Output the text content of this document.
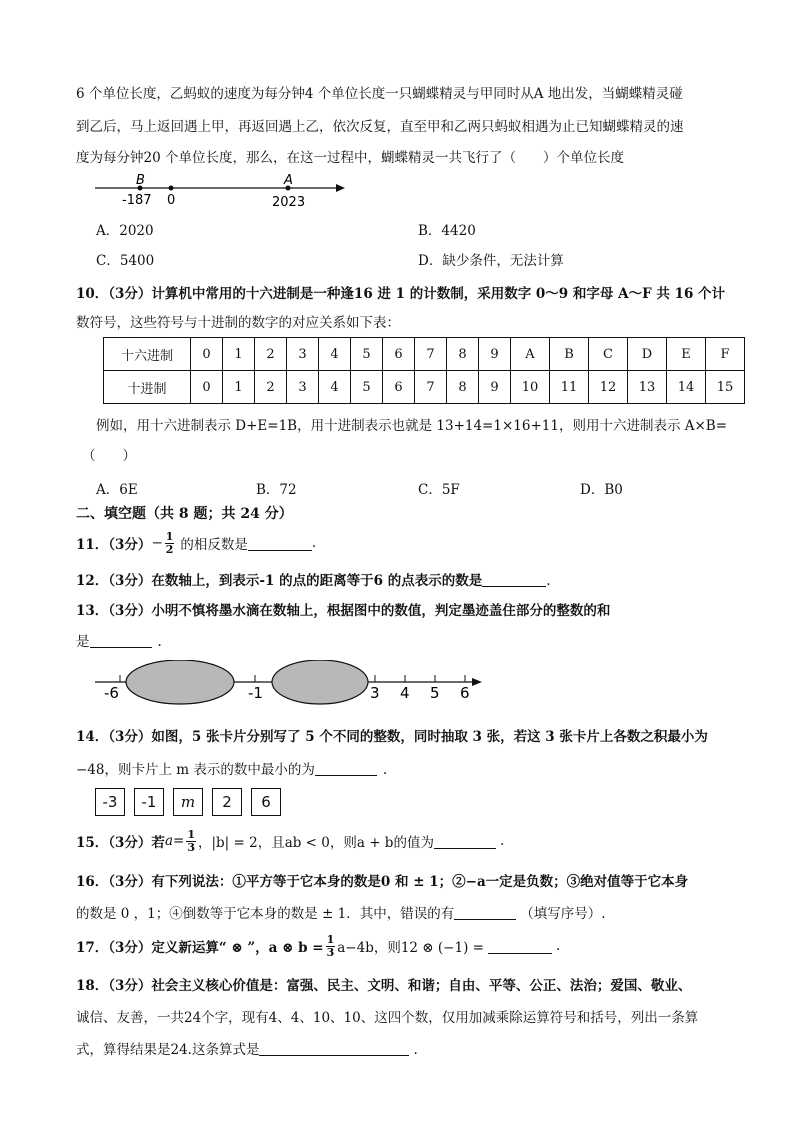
6 个单位长度，乙蚂蚁的速度为每分钟4 个单位长度一只蝴蝶精灵与甲同时从A 地出发，当蝴蝶精灵碰
到乙后，马上返回遇上甲，再返回遇上乙，依次反复，直至甲和乙两只蚂蚁相遇为止已知蝴蝶精灵的速
度为每分钟20 个单位长度，那么，在这一过程中，蝴蝶精灵一共飞行了（　　）个单位长度
B	A
-187 0	2023
A．2020	B．4420
C．5400	D．缺少条件，无法计算
10．（3分）计算机中常用的十六进制是一种逢16 进 1 的计数制，采用数字 0～9 和字母 A～F 共 16 个计
数符号，这些符号与十进制的数字的对应关系如下表：
十六进制	0	1	2	3	4	5	6	7	8	9	A	B	C	D	E	F
十进制	0	1	2	3	4	5	6	7	8	9	10	11	12	13	14	15
例如，用十六进制表示 D+E=1B，用十进制表示也就是 13+14=1×16+11，则用十六进制表示 A×B=
（　　）
A．6E	B．72	C．5F	D．B0
二、填空题（共 8 题；共 24 分）
11．（3分） − $\frac{1}{2}$ 的相反数是	.
12．（3分）在数轴上，到表示-1 的点的距离等于6 的点表示的数是	.
13．（3分）小明不慎将墨水滴在数轴上，根据图中的数值，判定墨迹盖住部分的整数的和
是	.
-6	-1	3 4 5 6
14．（3分）如图，5 张卡片分别写了 5 个不同的整数，同时抽取 3 张，若这 3 张卡片上各数之积最小为
−48，则卡片上 m 表示的数中最小的为	.
-3	-1	m	2	6
15．（3分）若 $a = \frac{1}{3}$ ，|b| = 2，且ab < 0，则a + b的值为	.
16．（3分）有下列说法：①平方等于它本身的数是0 和 ± 1；②−a一定是负数；③绝对值等于它本身
的数是 0 ，1；④倒数等于它本身的数是 ± 1．其中，错误的有	（填写序号）.
17．（3分）定义新运算“ ⊗ ”，a ⊗ $b = \frac{1}{3} a-4b$，则12 ⊗ (−1) =	.
18．（3分）社会主义核心价值是：富强、民主、文明、和谐；自由、平等、公正、法治；爱国、敬业、
诚信、友善，一共24个字，现有4、4、10、10、这四个数，仅用加减乘除运算符号和括号，列出一条算
式，算得结果是24.这条算式是	.
